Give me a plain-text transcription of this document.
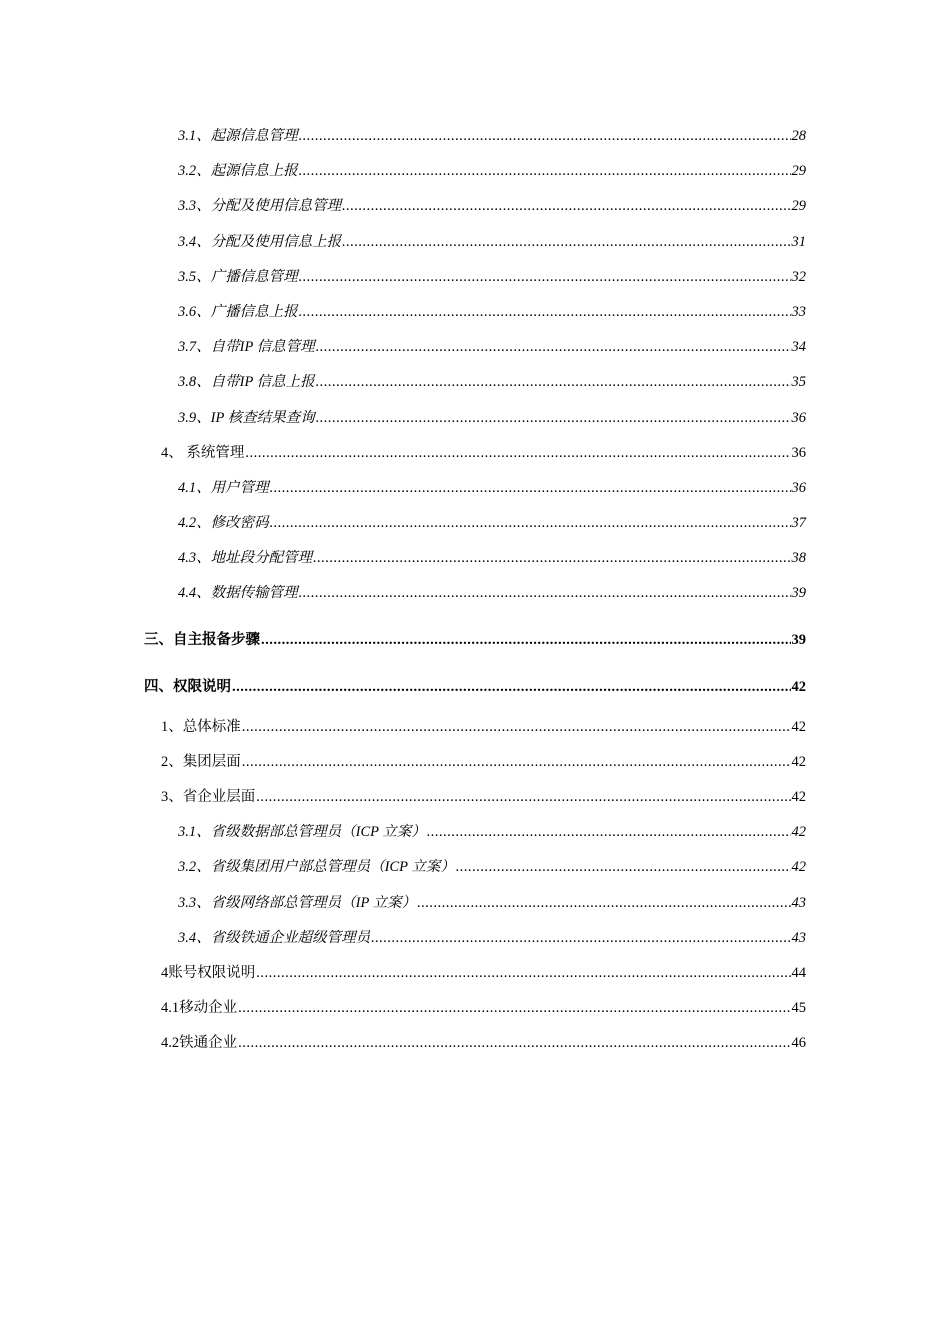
3.1、 起源信息管理 .....	28
3.2、 起源信息上报 .....	29
3.3、 分配及使用信息管理 .....	29
3.4、 分配及使用信息上报 .....	31
3.5、 广播信息管理 .....	32
3.6、 广播信息上报 .....	33
3.7、 自带IP 信息管理 .....	34
3.8、 自带IP 信息上报 .....	35
3.9、 IP 核查结果查询 .....	36
4、 系统管理 .....	36
4.1、 用户管理 .....	36
4.2、 修改密码 .....	37
4.3、 地址段分配管理 .....	38
4.4、 数据传输管理 .....	39
三、 自主报备步骤 .....	39
四、 权限说明 .....	42
1、 总体标准 .....	42
2、 集团层面 .....	42
3、 省企业层面 .....	42
3.1、 省级数据部总管理员（ICP 立案） .....	42
3.2、 省级集团用户部总管理员（ICP 立案） .....	42
3.3、 省级网络部总管理员（IP 立案） .....	43
3.4、 省级铁通企业超级管理员 .....	43
4 账号权限说明 .....	44
4.1 移动企业 .....	45
4.2 铁通企业 .....	46
